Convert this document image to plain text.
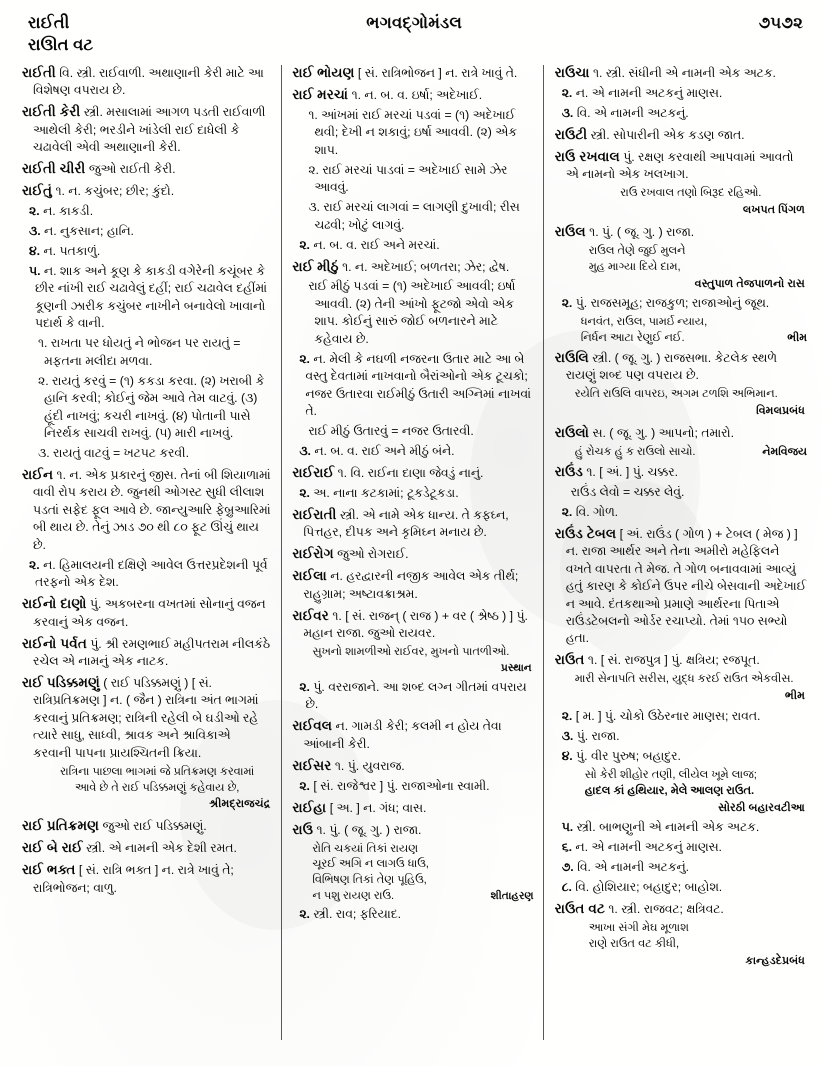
રાઈતી	ભગવદ્ગોમંડલ	૭૫૭૨
રાઊત વટ
રાઈતી વિ. સ્ત્રી. રાઈવાળી. અથાણાની કેરી માટે આ વિશેષણ વપરાય છે.
રાઈતી કેરી સ્ત્રી. મસાલામાં આગળ પડતી રાઈવાળી આથેલી કેરી; ભરડીને ખાંડેલી રાઈ દાધેલી કે ચઢાવેલી એવી અથાણાની કેરી.
રાઈતી ચીરી જુઓ રાઈતી કેરી.
રાઈતું ૧. ન. કચુંબર; છીર; કુંદો.
૨. ન. કાકડી.
૩. ન. નુકસાન; હાનિ.
૪. ન. પતકાળું.
૫. ન. શાક અને કૂણ કે કાકડી વગેરેની કચૂંબર કે છીર નાંખી રાઈ ચઢાવેલું દહીં; રાઈ ચઢાવેલ દહીંમાં કૂણની ઝારીક કચુંબર નાખીને બનાવેલો ખાવાનો પદાર્થ કે વાની.
૧. રાખતા પર ધોયતું ને ભોજન પર રાયતું = મફતના મલીદા મળવા.
૨. રાયતું કરવું = (૧) કકડા કરવા. (૨) ખરાબી કે હાનિ કરવી; કોઈનું જેમ આવે તેમ વાટવું. (૩) હૂંદી નાખવું; કચરી નાખવું. (૪) પોતાની પાસે નિરર્થક સાચવી રાખવું. (૫) મારી નાખવું.
૩. રાયતું વાટવું = ખટપટ કરવી.
રાઈન ૧. ન. એક પ્રકારનું જીસ. તેનાં બી શિયાળામાં વાવી રોપ કરાય છે. જુનથી ઓગસ્ટ સુધી લીલાશ પડતાં સફેદ ફૂલ આવે છે. જાન્યુઆરિ ફેબ્રુઆરિમાં બી થાય છે. તેનું ઝાડ ૭૦ થી ૮૦ ફૂટ ઊંચું થાય છે.
૨. ન. હિમાલયની દક્ષિણે આવેલ ઉત્તરપ્રદેશની પૂર્વ તરફનો એક દેશ.
રાઈનો દાણો પું. અકબરના વખતમાં સોનાનું વજન કરવાનું એક વજન.
રાઈનો પર્વત પું. શ્રી રમણભાઈ મહીપતરામ નીલકંઠે રચેલ એ નામનું એક નાટક.
રાઈ પડિક્કમણું ( રાઈ પડિક્કમણું ) [ સં. રાત્રિપ્રતિક્રમણ ] ન. ( જૈન ) રાત્રિના અંત ભાગમાં કરવાનું પ્રતિક્રમણ; રાત્રિની રહેલી બે ઘડીઓ રહે ત્યારે સાધુ, સાધ્વી, શ્રાવક અને શ્રાવિકાએ કરવાની પાપના પ્રાયશ્ચિતની ક્રિયા.
રાત્રિના પાછલા ભાગમાં જે પ્રતિક્રમણ કરવામાં
આવે છે તે રાઈ પડિક્કમણું કહેવાય છે,
શ્રીમદ્‌રાજચંદ્ર
રાઈ પ્રતિક્રમણ જુઓ રાઈ પડિક્કમણું.
રાઈ બે રાઈ સ્ત્રી. એ નામની એક દેશી રમત.
રાઈ ભક્ત [ સં. રાત્રિ ભક્ત ] ન. રાત્રે ખાવું તે; રાત્રિભોજન; વાળુ.
રાઈ ભોયણ [ સં. રાત્રિભોજન ] ન. રાત્રે ખાવું તે.
રાઈ મરચાં ૧. ન. બ. વ. ઇર્ષા; અદેખાઈ.
૧. આંખમાં રાઈ મરચાં પડવાં = (૧) અદેખાઈ થવી; દેખી ન શકાવું; ઇર્ષા આવવી. (૨) એક શાપ.
૨. રાઈ મરચાં પાડવાં = અદેખાઈ સામે ઝેર આવવું.
૩. રાઈ મરચાં લાગવાં = લાગણી દુખાવી; રીસ ચઢવી; ખોટું લાગવું.
૨. ન. બ. વ. રાઈ અને મરચાં.
રાઈ મીઠું ૧. ન. અદેખાઈ; બળતરા; ઝેર; દ્વેષ.
રાઈ મીઠું પડવાં = (૧) અદેખાઈ આવવી; ઇર્ષા આવવી. (૨) તેની આંખો ફૂટજો એવો એક શાપ. કોઈનું સારું જોઈ બળનારને માટે કહેવાય છે.
૨. ન. મેલી કે નઘળી નજરના ઉતાર માટે આ બે વસ્તુ દેવતામાં નાખવાનો બૈરાંઓનો એક ટૂચકો; નજર ઉતારવા રાઈમીઠું ઉતારી અગ્નિમાં નાખવાં તે.
રાઈ મીઠું ઉતારવું = નજર ઉતારવી.
૩. ન. બ. વ. રાઈ અને મીઠું બંને.
રાઈરાઈ ૧. વિ. રાઈના દાણા જેવડું નાનું.
૨. અ. નાના કટકામાં; ટૂકડેટૂકડા.
રાઈરાતી સ્ત્રી. એ નામે એક ધાન્ય. તે કફઘ્ન, પિત્તહર, દીપક અને કૃમિઘ્ન મનાય છે.
રાઈરોગ જુઓ રોગરાઈ.
રાઈલા ન. હરદ્વારની નજીક આવેલ એક તીર્થ; રાહુગ્રામ; અષ્ટાવક્રાશ્રમ.
રાઈવર ૧. [ સં. રાજન્ ( રાજ ) + વર ( શ્રેષ્ઠ ) ] પું. મહાન રાજા. જુઓ રાયવર.
સુખનો શામળીઓ રાઈવર, મુખનો પાતળીઓ.
પ્રસ્થાન
૨. પું. વરરાજાને. આ શબ્દ લગ્ન ગીતમાં વપરાય છે.
રાઈવલ ન. ગામડી કેરી; કલમી ન હોય તેવા આંબાની કેરી.
રાઈસર ૧. પું. યુવરાજ.
૨. [ સં. રાજેશ્વર ] પું. રાજાઓના સ્વામી.
રાઈહા [ અ. ] ન. ગંધ; વાસ.
રાઉ ૧. પું. ( જૂ. ગુ. ) રાજા.
રોતિ ચકયાં તિકાં રાયણ
ચૂરઈ અગિ ન લાગઉ ધાઉ,
વિભિષણ તિકાં તેણ પૂહિઉ,
ન પશુ રાયણ રાઉ.	શીતાહરણ
૨. સ્ત્રી. રાવ; ફરિયાદ.
રાઉચા ૧. સ્ત્રી. સંધીની એ નામની એક અટક.
૨. ન. એ નામની અટકનું માણસ.
૩. વિ. એ નામની અટકનું.
રાઉટી સ્ત્રી. સોપારીની એક કડણ જાત.
રાઉ રખવાલ પું. રક્ષણ કરવાથી આપવામાં આવતો એ નામનો એક ખલખાગ.
રાઉ રખવાલ તણો બિરૂદ રહિઓ.
લખપત પિંગળ
રાઉલ ૧. પું. ( જૂ. ગુ. ) રાજા.
રાઉલ તેણે જુઈ મુલને
મુહ માગ્યા દિયે દામ,
વસ્તુપાળ તેજપાળનો રાસ
૨. પું. રાજસમૂહ; રાજકુળ; રાજાઓનું જૂથ.
ધનવંત, રાઉલ, પામર્ઇ ન્યાય,
નિર્ધન આટા રેણુઈ નઈ.	ભીમ
રાઉલિ સ્ત્રી. ( જૂ. ગુ. ) રાજસભા. કેટલેક સ્થળે રાયણું શબ્દ પણ વપરાય છે.
રયેતિ રાઉલિ વાપરઇ, અગમ ટળશિ અભિમાન.
વિમલપ્રબંધ
રાઉલો સ. ( જૂ. ગુ. ) આપનો; તમારો.
હું રોચક હું ક રાઉલો સાચો.	નેમવિજય
રાઉંડ ૧. [ અં. ] પું. ચક્કર.
રાઉંડ લેવો = ચક્કર લેવું.
૨. વિ. ગોળ.
રાઉંડ ટેબલ [ અં. રાઉંડ ( ગોળ ) + ટેબલ ( મેજ ) ] ન. રાજા આર્થર અને તેના અમીરો મહેફિલને વખતે વાપરતા તે મેજ. તે ગોળ બનાવવામાં આવ્યું હતું કારણ કે કોઈને ઉપર નીચે બેસવાની અદેખાઈ ન આવે. દંતકથાઓ પ્રમાણે આર્થરના પિતાએ રાઉંડટેબલનો ઓર્ડર રચાપ્યો. તેમાં ૧૫૦ સભ્યો હતા.
રાઉત ૧. [ સં. રાજપુત્ર ] પું. ક્ષત્રિય; રજપૂત.
મારી સેનાપતિ સરીસ, યુદ્ધ કરઈ રાઉત એકવીસ.
ભીમ
૨. [ મ. ] પું. ચોકો ઉઠેરનાર માણસ; રાવત.
૩. પું. રાજા.
૪. પું. વીર પુરુષ; બહાદુર.
સો કેરી શીહોર તણી, લીયેલ ખૂમે લાજ;
હાદલ કાં હથિયાર, મેલે આલણ રાઉત.
સોરઠી બહારવટીઆ
૫. સ્ત્રી. બાભણુની એ નામની એક અટક.
૬. ન. એ નામની અટકનું માણસ.
૭. વિ. એ નામની અટકનું.
૮. વિ. હોશિયાર; બહાદુર; બાહોશ.
રાઉત વટ ૧. સ્ત્રી. રાજવટ; ક્ષત્રિવટ.
આખા સંગી મેઘ મૂળાશ
રાણે રાઉત વટ કીધી,
કાન્હડદેપ્રબંધ
